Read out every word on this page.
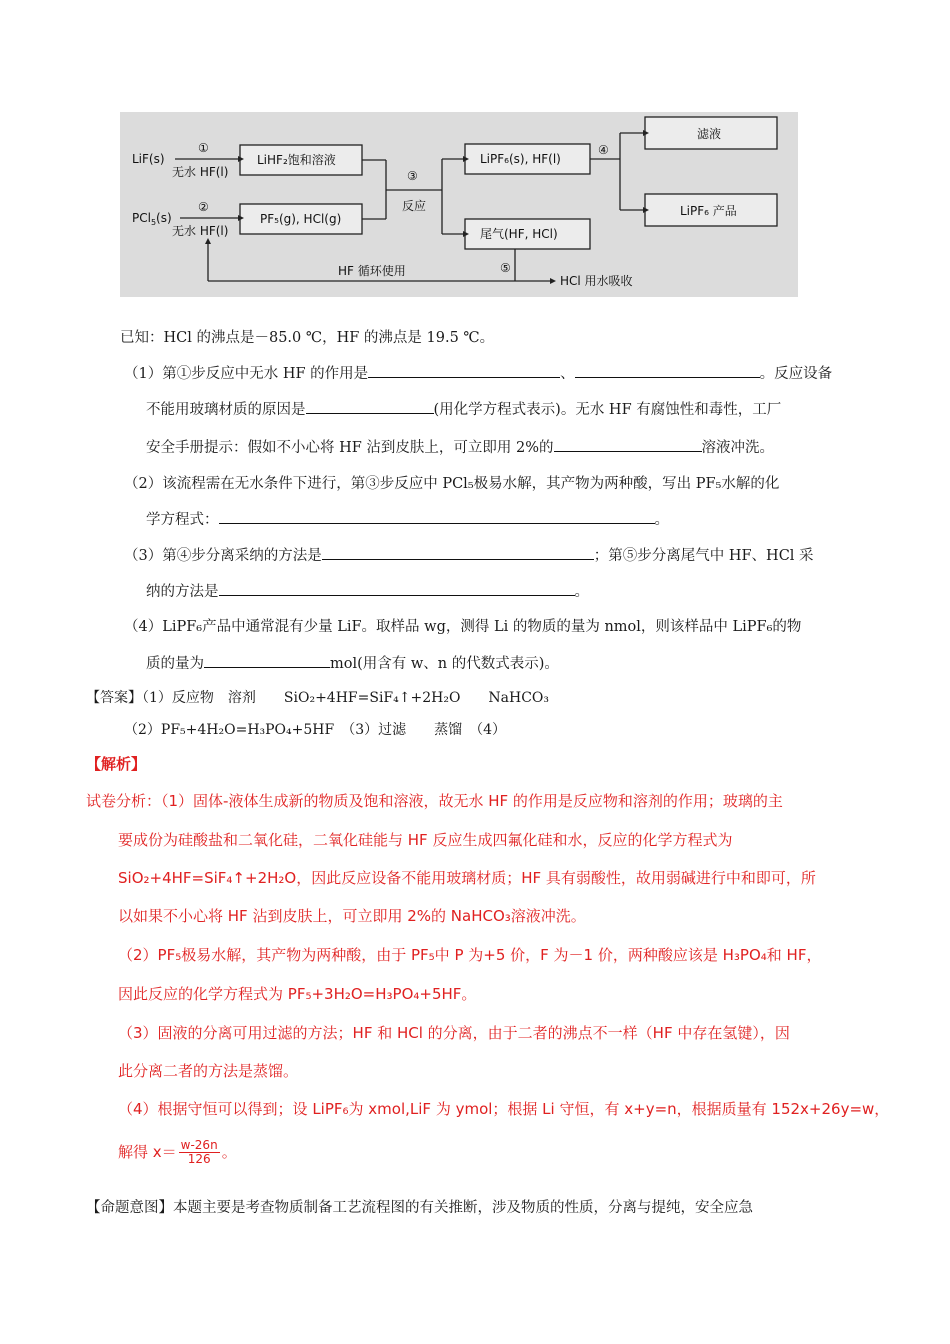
LiF(s)
PCl$_5$(s)
①
②
无水 HF(l)
无水 HF(l)
LiHF₂饱和溶液
PF₅(g), HCl(g)
③
反应
LiPF₆(s), HF(l)
④
滤液
LiPF₆ 产品
尾气(HF, HCl)
⑤
HF 循环使用
HCl 用水吸收
已知：HCl 的沸点是－85.0 ℃，HF 的沸点是 19.5 ℃。
（1）第①步反应中无水 HF 的作用是	、	。反应设备
不能用玻璃材质的原因是	(用化学方程式表示)。无水 HF 有腐蚀性和毒性，工厂
安全手册提示：假如不小心将 HF 沾到皮肤上，可立即用 2%的	溶液冲洗。
（2）该流程需在无水条件下进行，第③步反应中 PCl₅极易水解，其产物为两种酸，写出 PF₅水解的化
学方程式：	。
（3）第④步分离采纳的方法是	；第⑤步分离尾气中 HF、HCl 采
纳的方法是	。
（4）LiPF₆产品中通常混有少量 LiF。取样品 wg，测得 Li 的物质的量为 nmol，则该样品中 LiPF₆的物
质的量为	mol(用含有 w、n 的代数式表示)。
【答案】（1）反应物　溶剂　　SiO₂+4HF=SiF₄↑+2H₂O　　NaHCO₃
（2）PF₅+4H₂O=H₃PO₄+5HF　（3）过滤　　蒸馏　（4）
【解析】
试卷分析：（1）固体-液体生成新的物质及饱和溶液，故无水 HF 的作用是反应物和溶剂的作用；玻璃的主
要成份为硅酸盐和二氧化硅，二氧化硅能与 HF 反应生成四氟化硅和水，反应的化学方程式为
SiO₂+4HF=SiF₄↑+2H₂O，因此反应设备不能用玻璃材质；HF 具有弱酸性，故用弱碱进行中和即可，所
以如果不小心将 HF 沾到皮肤上，可立即用 2%的 NaHCO₃溶液冲洗。
（2）PF₅极易水解，其产物为两种酸，由于 PF₅中 P 为+5 价，F 为－1 价，两种酸应该是 H₃PO₄和 HF，
因此反应的化学方程式为 PF₅+3H₂O=H₃PO₄+5HF。
（3）固液的分离可用过滤的方法；HF 和 HCl 的分离，由于二者的沸点不一样（HF 中存在氢键），因
此分离二者的方法是蒸馏。
（4）根据守恒可以得到；设 LiPF₆为 xmol,LiF 为 ymol；根据 Li 守恒，有 x+y=n，根据质量有 152x+26y=w，
解得 $x= \frac{w-26n}{126}$ 。
【命题意图】本题主要是考查物质制备工艺流程图的有关推断，涉及物质的性质，分离与提纯，安全应急
